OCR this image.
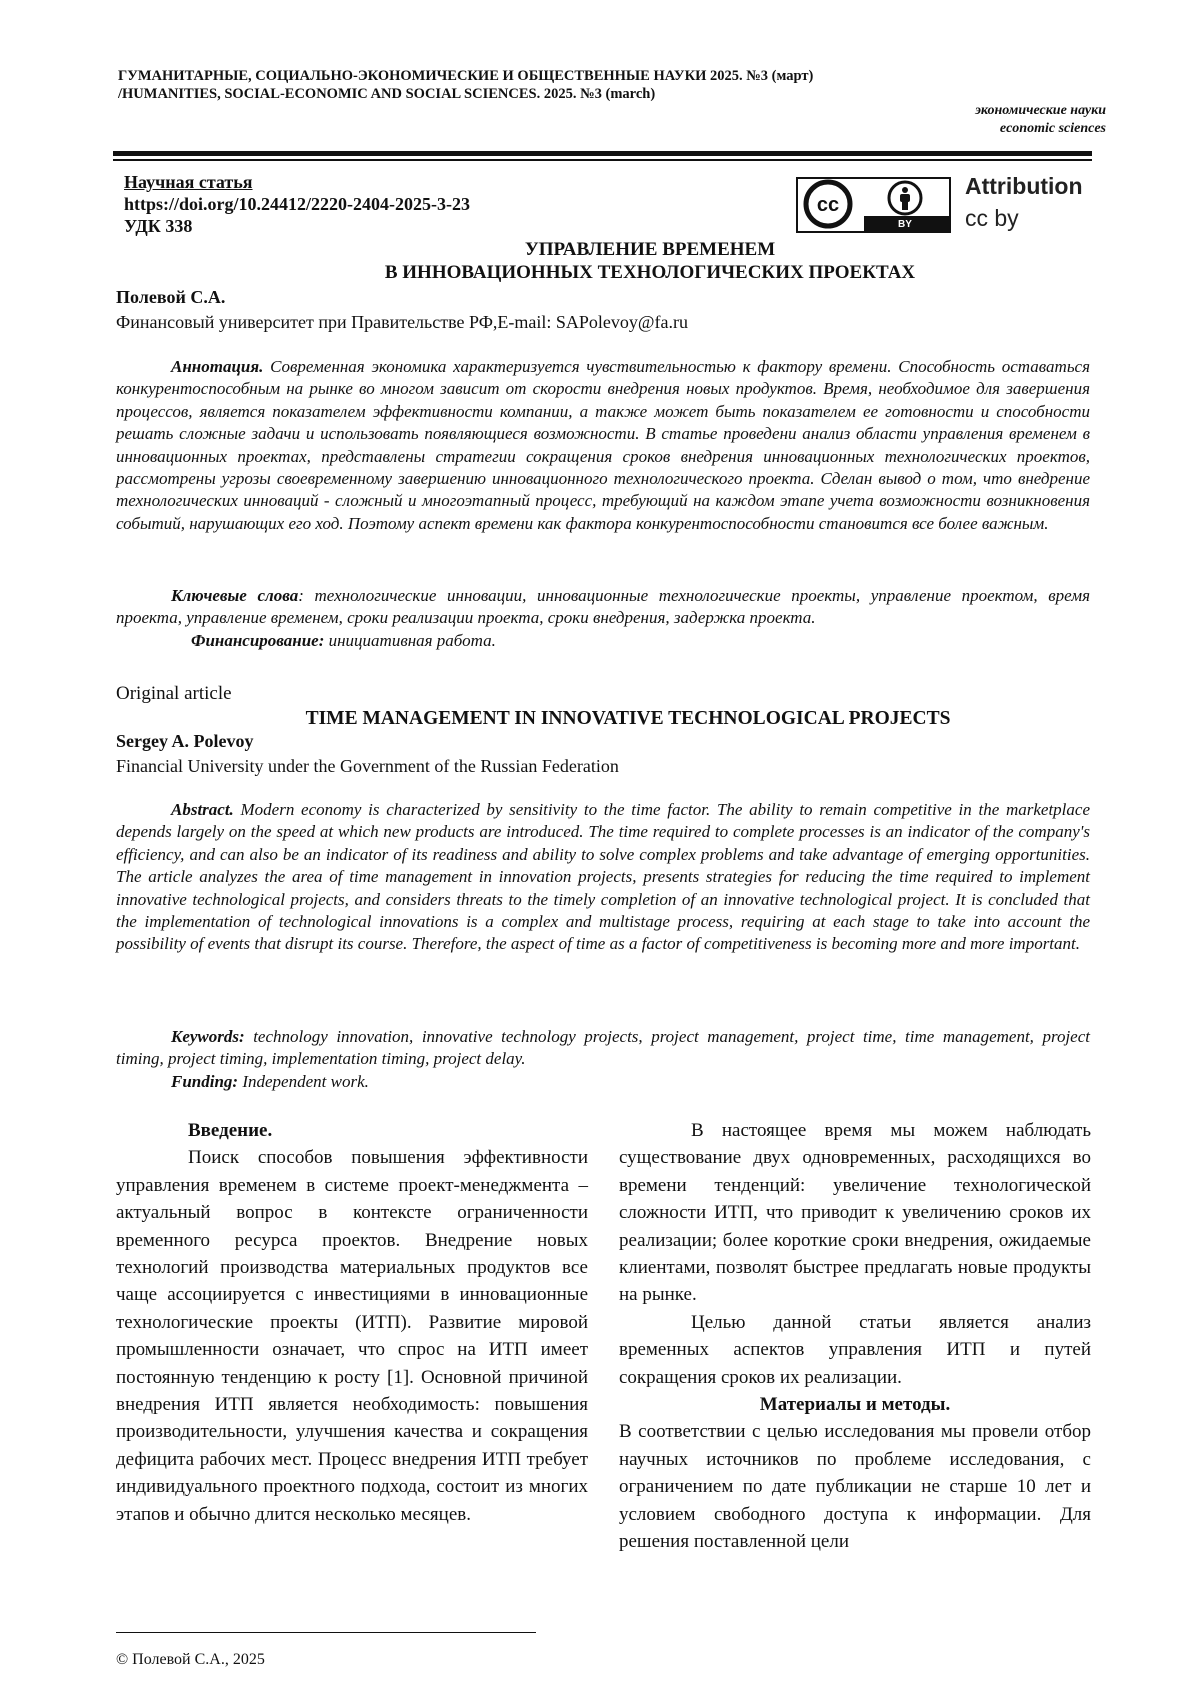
ГУМАНИТАРНЫЕ, СОЦИАЛЬНО-ЭКОНОМИЧЕСКИЕ И ОБЩЕСТВЕННЫЕ НАУКИ 2025. №3 (март)
/HUMANITIES, SOCIAL-ECONOMIC AND SOCIAL SCIENCES. 2025. №3 (march)
экономические науки
economic sciences
Научная статья
https://doi.org/10.24412/2220-2404-2025-3-23
УДК 338
cc
BY
Attribution
cc by
УПРАВЛЕНИЕ ВРЕМЕНЕМ
В ИННОВАЦИОННЫХ ТЕХНОЛОГИЧЕСКИХ ПРОЕКТАХ
Полевой С.А.
Финансовый университет при Правительстве РФ,E-mail: SAPolevoy@fa.ru
Аннотация. Современная экономика характеризуется чувствительностью к фактору времени. Способность оставаться конкурентоспособным на рынке во многом зависит от скорости внедрения новых продуктов. Время, необходимое для завершения процессов, является показателем эффективности компании, а также может быть показателем ее готовности и способности решать сложные задачи и использовать появляющиеся возможности. В статье проведени анализ области управления временем в инновационных проектах, представлены стратегии сокращения сроков внедрения инновационных технологических проектов, рассмотрены угрозы своевременному завершению инновационного технологического проекта. Сделан вывод о том, что внедрение технологических инноваций - сложный и многоэтапный процесс, требующий на каждом этапе учета возможности возникновения событий, нарушающих его ход. Поэтому аспект времени как фактора конкурентоспособности становится все более важным.
Ключевые слова: технологические инновации, инновационные технологические проекты, управление проектом, время проекта, управление временем, сроки реализации проекта, сроки внедрения, задержка проекта.
Финансирование: инициативная работа.
Original article
TIME MANAGEMENT IN INNOVATIVE TECHNOLOGICAL PROJECTS
Sergey A. Polevoy
Financial University under the Government of the Russian Federation
Abstract. Modern economy is characterized by sensitivity to the time factor. The ability to remain competitive in the marketplace depends largely on the speed at which new products are introduced. The time required to complete processes is an indicator of the company's efficiency, and can also be an indicator of its readiness and ability to solve complex problems and take advantage of emerging opportunities. The article analyzes the area of time management in innovation projects, presents strategies for reducing the time required to implement innovative technological projects, and considers threats to the timely completion of an innovative technological project. It is concluded that the implementation of technological innovations is a complex and multistage process, requiring at each stage to take into account the possibility of events that disrupt its course. Therefore, the aspect of time as a factor of competitiveness is becoming more and more important.
Keywords: technology innovation, innovative technology projects, project management, project time, time management, project timing, project timing, implementation timing, project delay.
Funding: Independent work.

Введение.

Поиск способов повышения эффективности управления временем в системе проект-менеджмента – актуальный вопрос в контексте ограниченности временного ресурса проектов. Внедрение новых технологий производства материальных продуктов все чаще ассоциируется с инвестициями в инновационные технологические проекты (ИТП). Развитие мировой промышленности означает, что спрос на ИТП имеет постоянную тенденцию к росту [1]. Основной причиной внедрения ИТП является необходимость: повышения производительности, улучшения качества и сокращения дефицита рабочих мест. Процесс внедрения ИТП требует индивидуального проектного подхода, состоит из многих этапов и обычно длится несколько месяцев.

В настоящее время мы можем наблюдать существование двух одновременных, расходящихся во времени тенденций: увеличение технологической сложности ИТП, что приводит к увеличению сроков их реализации; более короткие сроки внедрения, ожидаемые клиентами, позволят быстрее предлагать новые продукты на рынке.

Целью данной статьи является анализ временных аспектов управления ИТП и путей сокращения сроков их реализации.

Материалы и методы.

В соответствии с целью исследования мы провели отбор научных источников по проблеме исследования, с ограничением по дате публикации не старше 10 лет и условием свободного доступа к информации. Для решения поставленной цели

© Полевой С.А., 2025
